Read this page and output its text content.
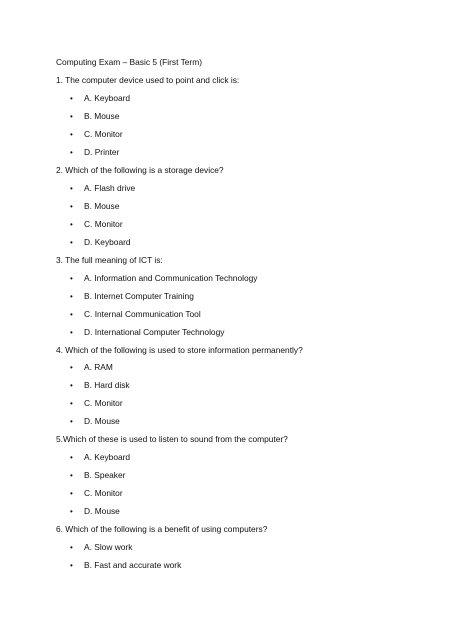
Computing Exam – Basic 5 (First Term)
1. The computer device used to point and click is:
•	A. Keyboard
•	B. Mouse
•	C. Monitor
•	D. Printer
2. Which of the following is a storage device?
•	A. Flash drive
•	B. Mouse
•	C. Monitor
•	D. Keyboard
3. The full meaning of ICT is:
•	A. Information and Communication Technology
•	B. Internet Computer Training
•	C. Internal Communication Tool
•	D. International Computer Technology
4. Which of the following is used to store information permanently?
•	A. RAM
•	B. Hard disk
•	C. Monitor
•	D. Mouse
5.Which of these is used to listen to sound from the computer?
•	A. Keyboard
•	B. Speaker
•	C. Monitor
•	D. Mouse
6. Which of the following is a benefit of using computers?
•	A. Slow work
•	B. Fast and accurate work
